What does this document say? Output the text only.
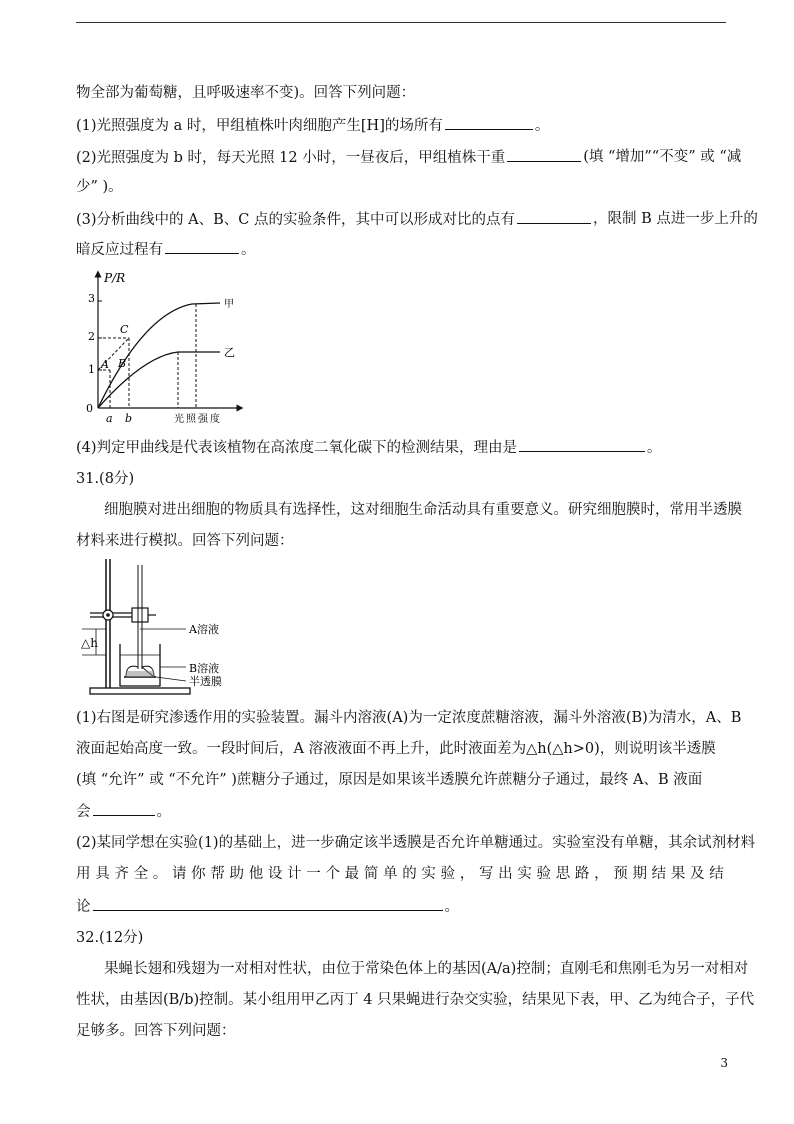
物全部为葡萄糖，且呼吸速率不变)。回答下列问题：
(1)光照强度为 a 时，甲组植株叶肉细胞产生[H]的场所有	。
(2)光照强度为 b 时，每天光照 12 小时，一昼夜后，甲组植株干重	(填 “增加”“不变” 或 “减
少” )。
(3)分析曲线中的 A、B、C 点的实验条件，其中可以形成对比的点有	，限制 B 点进一步上升的
暗反应过程有	。
P/R
3
2
1
0
A B
C
甲
乙
a b	光照强度
(4)判定甲曲线是代表该植物在高浓度二氧化碳下的检测结果，理由是	。
31.(8分)
细胞膜对进出细胞的物质具有选择性，这对细胞生命活动具有重要意义。研究细胞膜时，常用半透膜
材料来进行模拟。回答下列问题：
△h
A溶液
B溶液
半透膜
(1)右图是研究渗透作用的实验装置。漏斗内溶液(A)为一定浓度蔗糖溶液，漏斗外溶液(B)为清水，A、B
液面起始高度一致。一段时间后，A 溶液液面不再上升，此时液面差为△h(△h>0)，则说明该半透膜
(填 “允许” 或 “不允许” )蔗糖分子通过，原因是如果该半透膜允许蔗糖分子通过，最终 A、B 液面
会	。
(2)某同学想在实验(1)的基础上，进一步确定该半透膜是否允许单糖通过。实验室没有单糖，其余试剂材料
用 具 齐 全 。 请 你 帮 助 他 设 计 一 个 最 简 单 的 实 验 ， 写 出 实 验 思 路 ， 预 期 结 果 及 结
论	。
32.(12分)
果蝇长翅和残翅为一对相对性状，由位于常染色体上的基因(A/a)控制；直刚毛和焦刚毛为另一对相对
性状，由基因(B/b)控制。某小组用甲乙丙丁 4 只果蝇进行杂交实验，结果见下表，甲、乙为纯合子，子代
足够多。回答下列问题：
3
